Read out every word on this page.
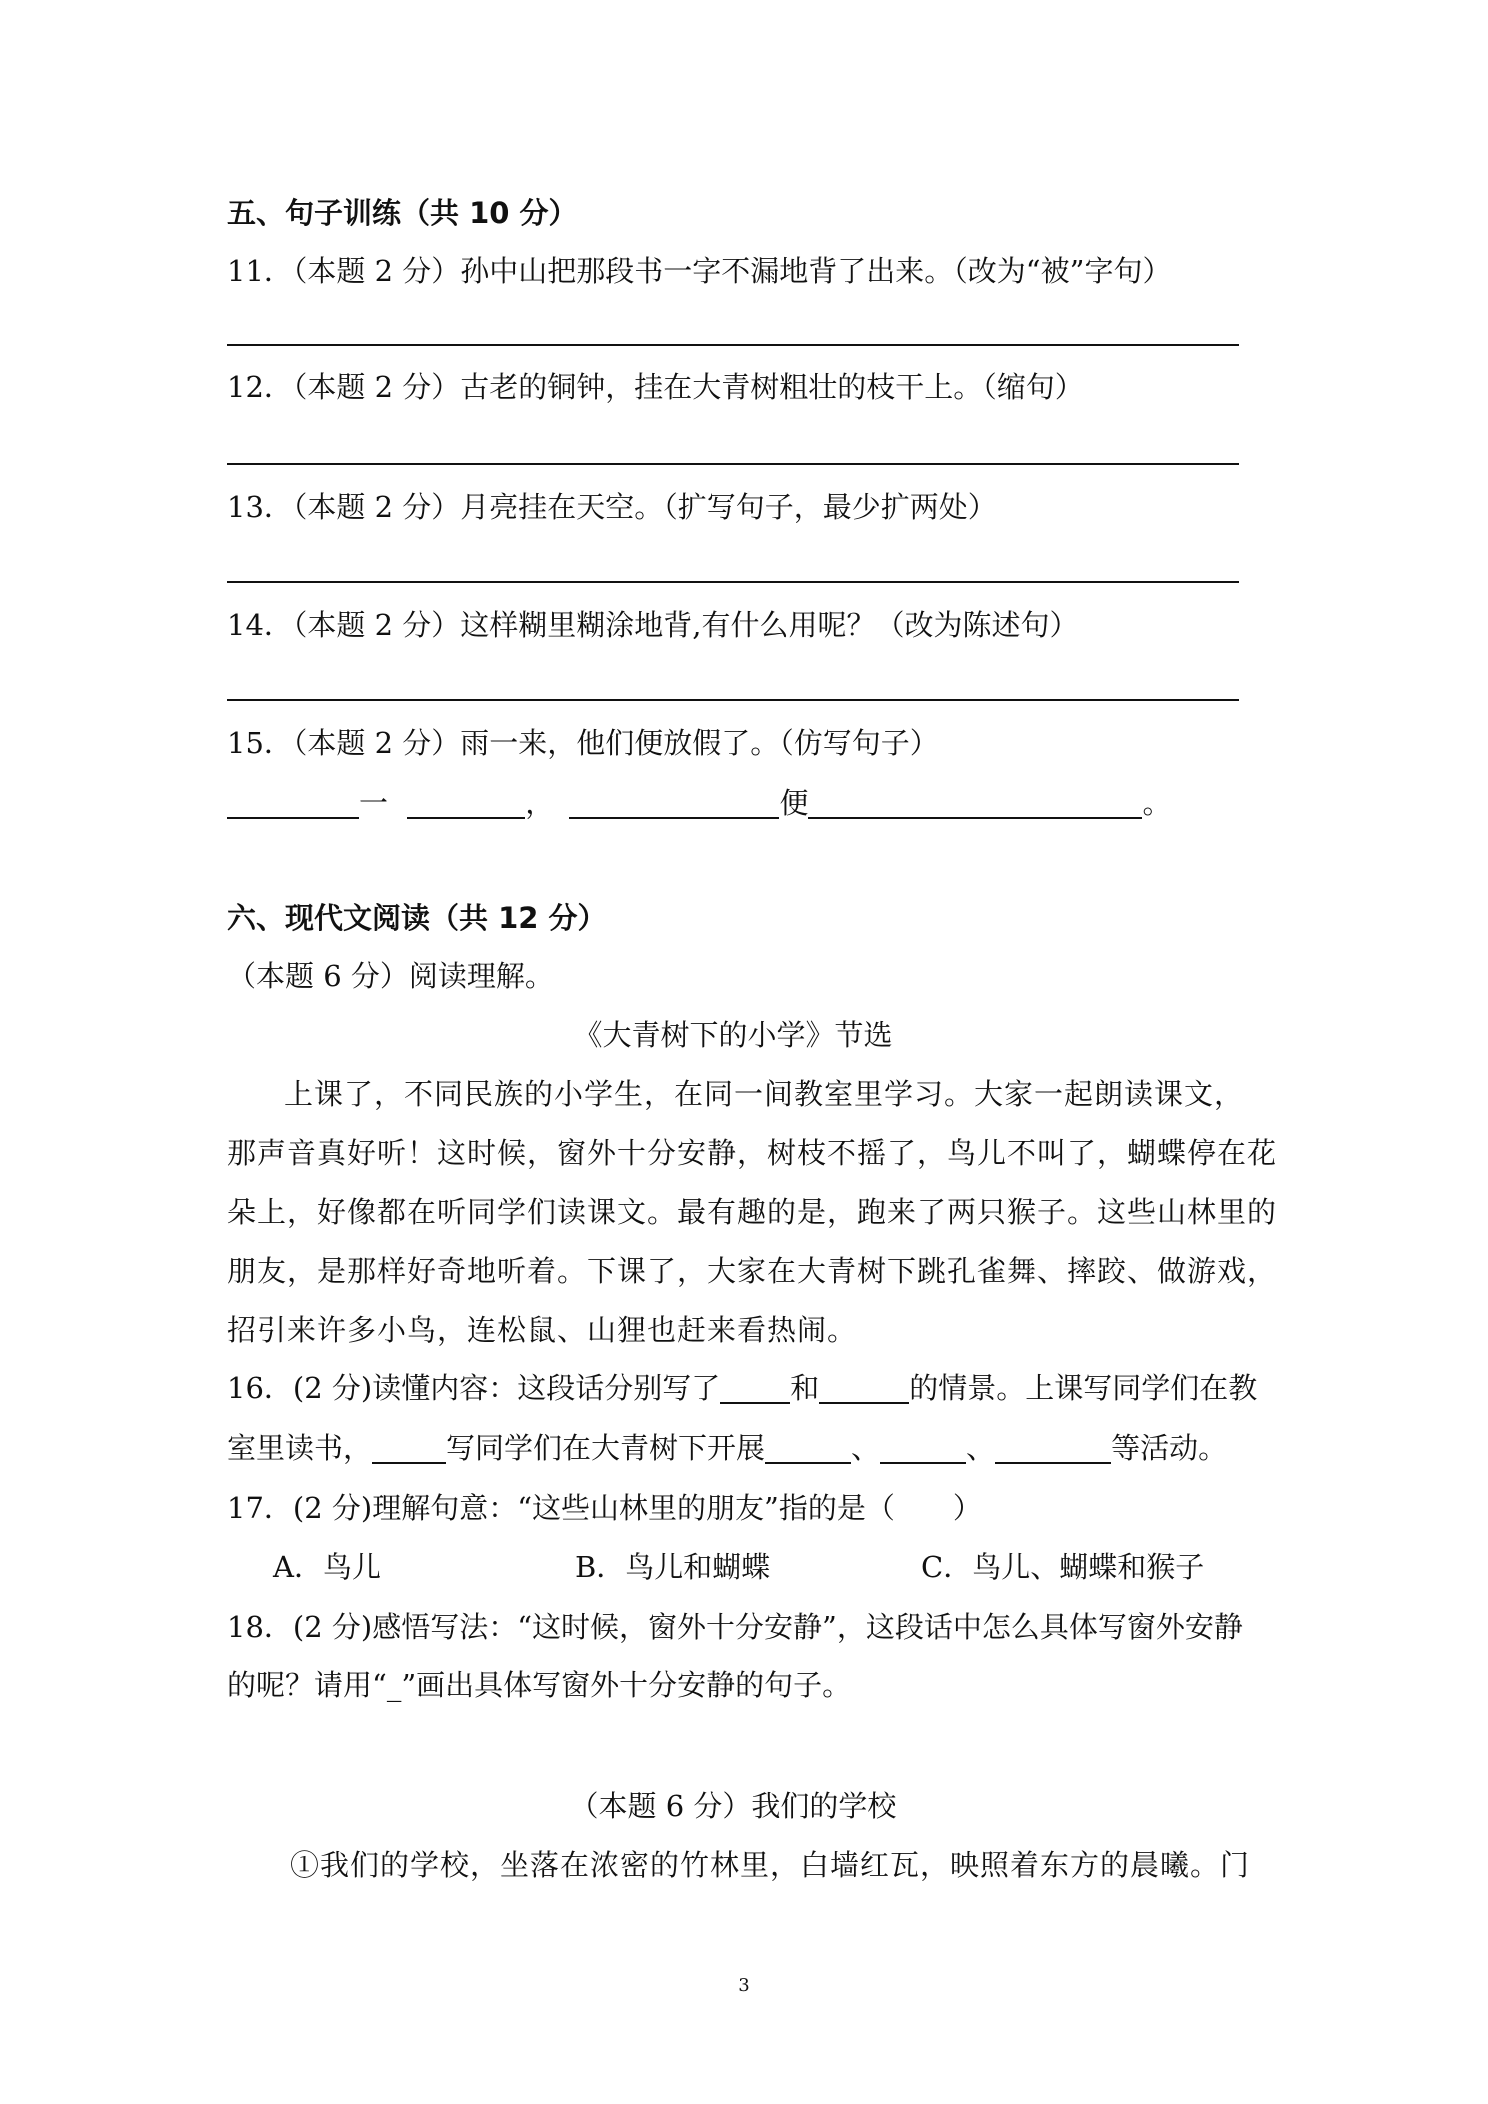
五、句子训练（共 10 分）
11．（本题 2 分）孙中山把那段书一字不漏地背了出来。（改为“被”字句）
12．（本题 2 分）古老的铜钟，挂在大青树粗壮的枝干上。（缩句）
13．（本题 2 分）月亮挂在天空。（扩写句子，最少扩两处）
14．（本题 2 分）这样糊里糊涂地背,有什么用呢？（改为陈述句）
15．（本题 2 分）雨一来，他们便放假了。（仿写句子）
一	，	便	。
六、现代文阅读（共 12 分）
（本题 6 分）阅读理解。
《大青树下的小学》节选
上课了，不同民族的小学生，在同一间教室里学习。大家一起朗读课文，
那声音真好听！这时候，窗外十分安静，树枝不摇了，鸟儿不叫了，蝴蝶停在花
朵上，好像都在听同学们读课文。最有趣的是，跑来了两只猴子。这些山林里的
朋友，是那样好奇地听着。下课了，大家在大青树下跳孔雀舞、摔跤、做游戏，
招引来许多小鸟，连松鼠、山狸也赶来看热闹。
16．(2 分)读懂内容：这段话分别写了 和	的情景。上课写同学们在教
室里读书，	写同学们在大青树下开展	、	、	等活动。
17．(2 分)理解句意：“这些山林里的朋友”指的是（　　）
A．鸟儿	B．鸟儿和蝴蝶	C．鸟儿、蝴蝶和猴子
18．(2 分)感悟写法：“这时候，窗外十分安静”，这段话中怎么具体写窗外安静
的呢？请用“_”画出具体写窗外十分安静的句子。
（本题 6 分）我们的学校
①我们的学校，坐落在浓密的竹林里，白墙红瓦，映照着东方的晨曦。门
3
